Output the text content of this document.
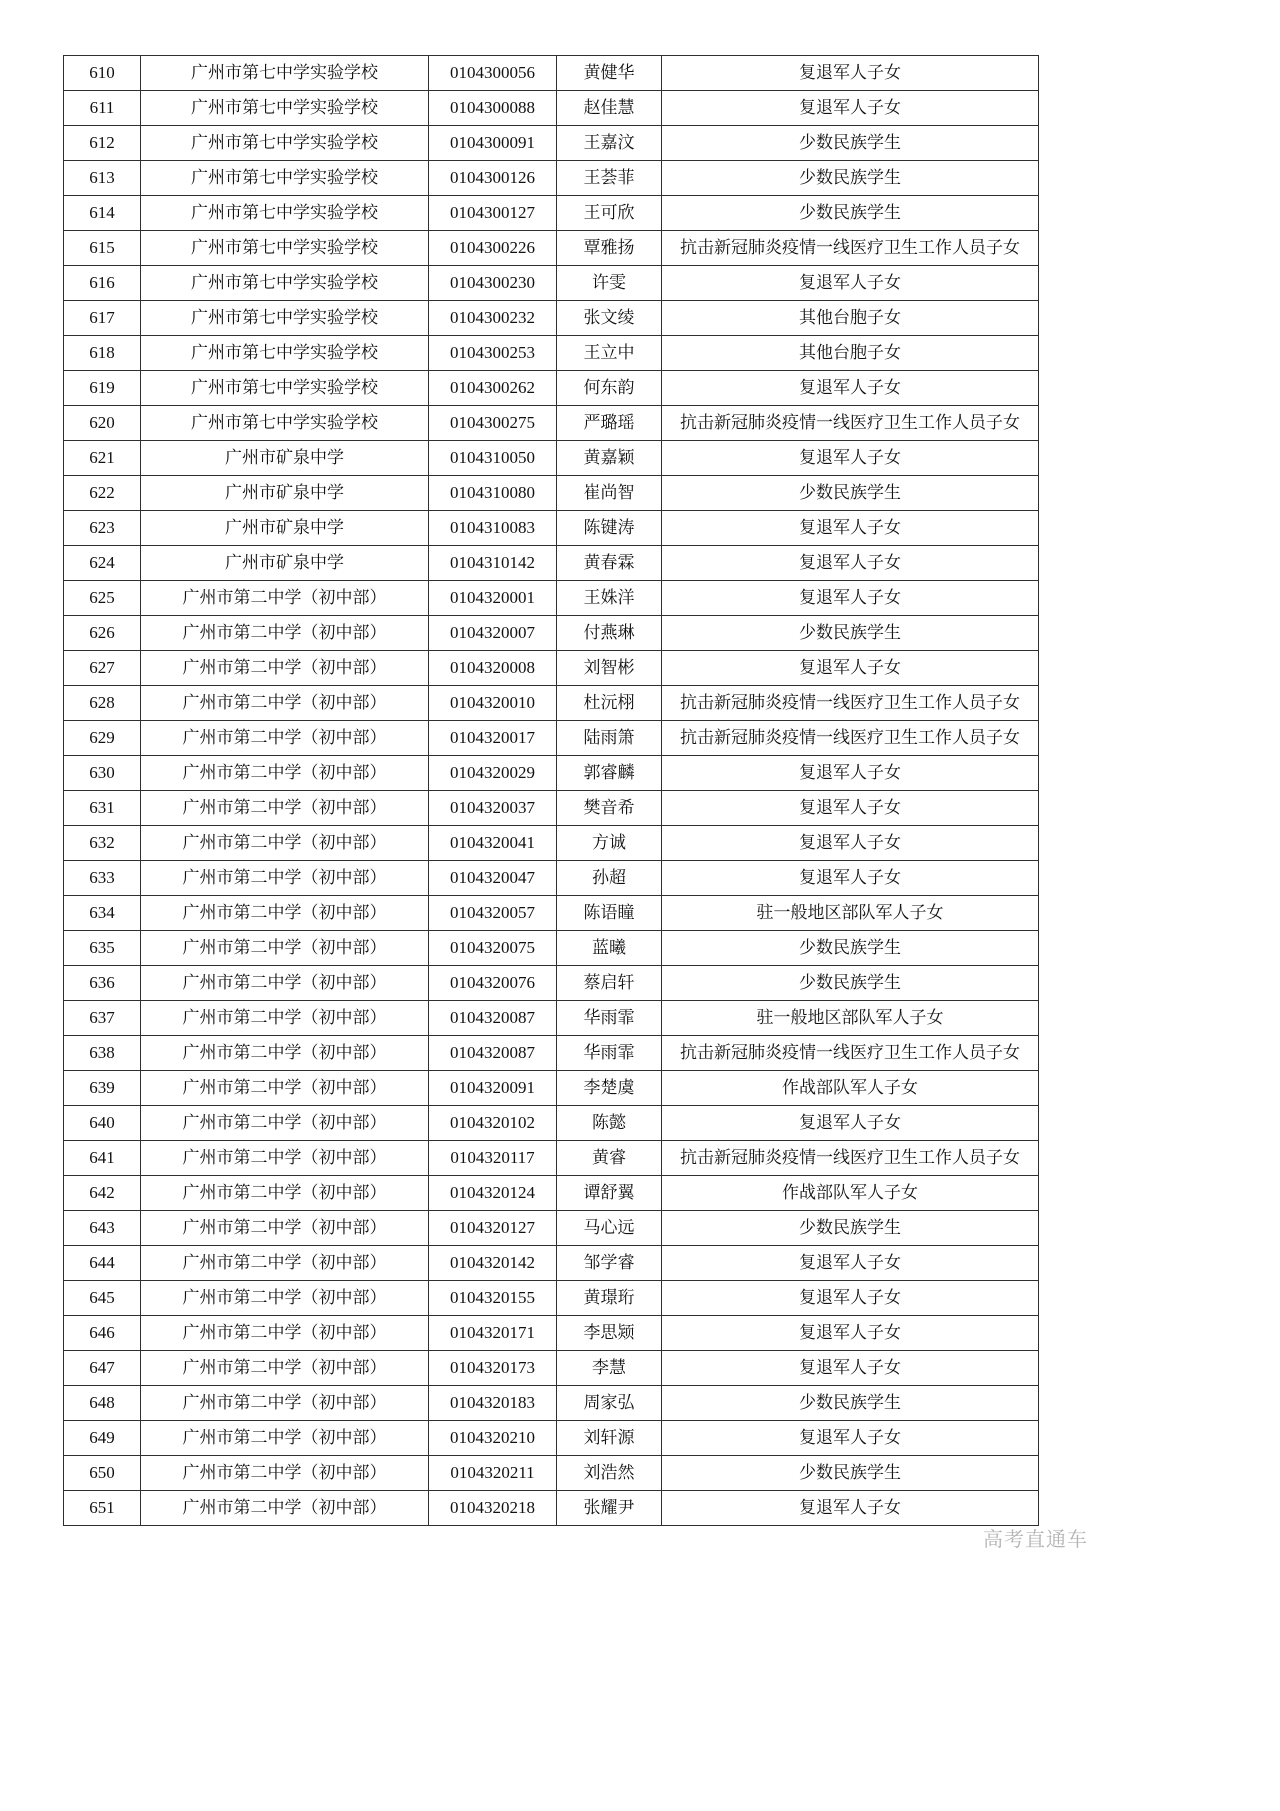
610	广州市第七中学实验学校	0104300056	黄健华	复退军人子女
611	广州市第七中学实验学校	0104300088	赵佳慧	复退军人子女
612	广州市第七中学实验学校	0104300091	王嘉汶	少数民族学生
613	广州市第七中学实验学校	0104300126	王荟菲	少数民族学生
614	广州市第七中学实验学校	0104300127	王可欣	少数民族学生
615	广州市第七中学实验学校	0104300226	覃雅扬	抗击新冠肺炎疫情一线医疗卫生工作人员子女
616	广州市第七中学实验学校	0104300230	许雯	复退军人子女
617	广州市第七中学实验学校	0104300232	张文绫	其他台胞子女
618	广州市第七中学实验学校	0104300253	王立中	其他台胞子女
619	广州市第七中学实验学校	0104300262	何东韵	复退军人子女
620	广州市第七中学实验学校	0104300275	严璐瑶	抗击新冠肺炎疫情一线医疗卫生工作人员子女
621	广州市矿泉中学	0104310050	黄嘉颖	复退军人子女
622	广州市矿泉中学	0104310080	崔尚智	少数民族学生
623	广州市矿泉中学	0104310083	陈键涛	复退军人子女
624	广州市矿泉中学	0104310142	黄春霖	复退军人子女
625	广州市第二中学（初中部）	0104320001	王姝洋	复退军人子女
626	广州市第二中学（初中部）	0104320007	付燕琳	少数民族学生
627	广州市第二中学（初中部）	0104320008	刘智彬	复退军人子女
628	广州市第二中学（初中部）	0104320010	杜沅栩	抗击新冠肺炎疫情一线医疗卫生工作人员子女
629	广州市第二中学（初中部）	0104320017	陆雨箫	抗击新冠肺炎疫情一线医疗卫生工作人员子女
630	广州市第二中学（初中部）	0104320029	郭睿麟	复退军人子女
631	广州市第二中学（初中部）	0104320037	樊音希	复退军人子女
632	广州市第二中学（初中部）	0104320041	方诚	复退军人子女
633	广州市第二中学（初中部）	0104320047	孙超	复退军人子女
634	广州市第二中学（初中部）	0104320057	陈语瞳	驻一般地区部队军人子女
635	广州市第二中学（初中部）	0104320075	蓝曦	少数民族学生
636	广州市第二中学（初中部）	0104320076	蔡启轩	少数民族学生
637	广州市第二中学（初中部）	0104320087	华雨霏	驻一般地区部队军人子女
638	广州市第二中学（初中部）	0104320087	华雨霏	抗击新冠肺炎疫情一线医疗卫生工作人员子女
639	广州市第二中学（初中部）	0104320091	李楚虞	作战部队军人子女
640	广州市第二中学（初中部）	0104320102	陈懿	复退军人子女
641	广州市第二中学（初中部）	0104320117	黄睿	抗击新冠肺炎疫情一线医疗卫生工作人员子女
642	广州市第二中学（初中部）	0104320124	谭舒翼	作战部队军人子女
643	广州市第二中学（初中部）	0104320127	马心远	少数民族学生
644	广州市第二中学（初中部）	0104320142	邹学睿	复退军人子女
645	广州市第二中学（初中部）	0104320155	黄璟珩	复退军人子女
646	广州市第二中学（初中部）	0104320171	李思颎	复退军人子女
647	广州市第二中学（初中部）	0104320173	李慧	复退军人子女
648	广州市第二中学（初中部）	0104320183	周家弘	少数民族学生
649	广州市第二中学（初中部）	0104320210	刘轩源	复退军人子女
650	广州市第二中学（初中部）	0104320211	刘浩然	少数民族学生
651	广州市第二中学（初中部）	0104320218	张耀尹	复退军人子女
高考直通车
